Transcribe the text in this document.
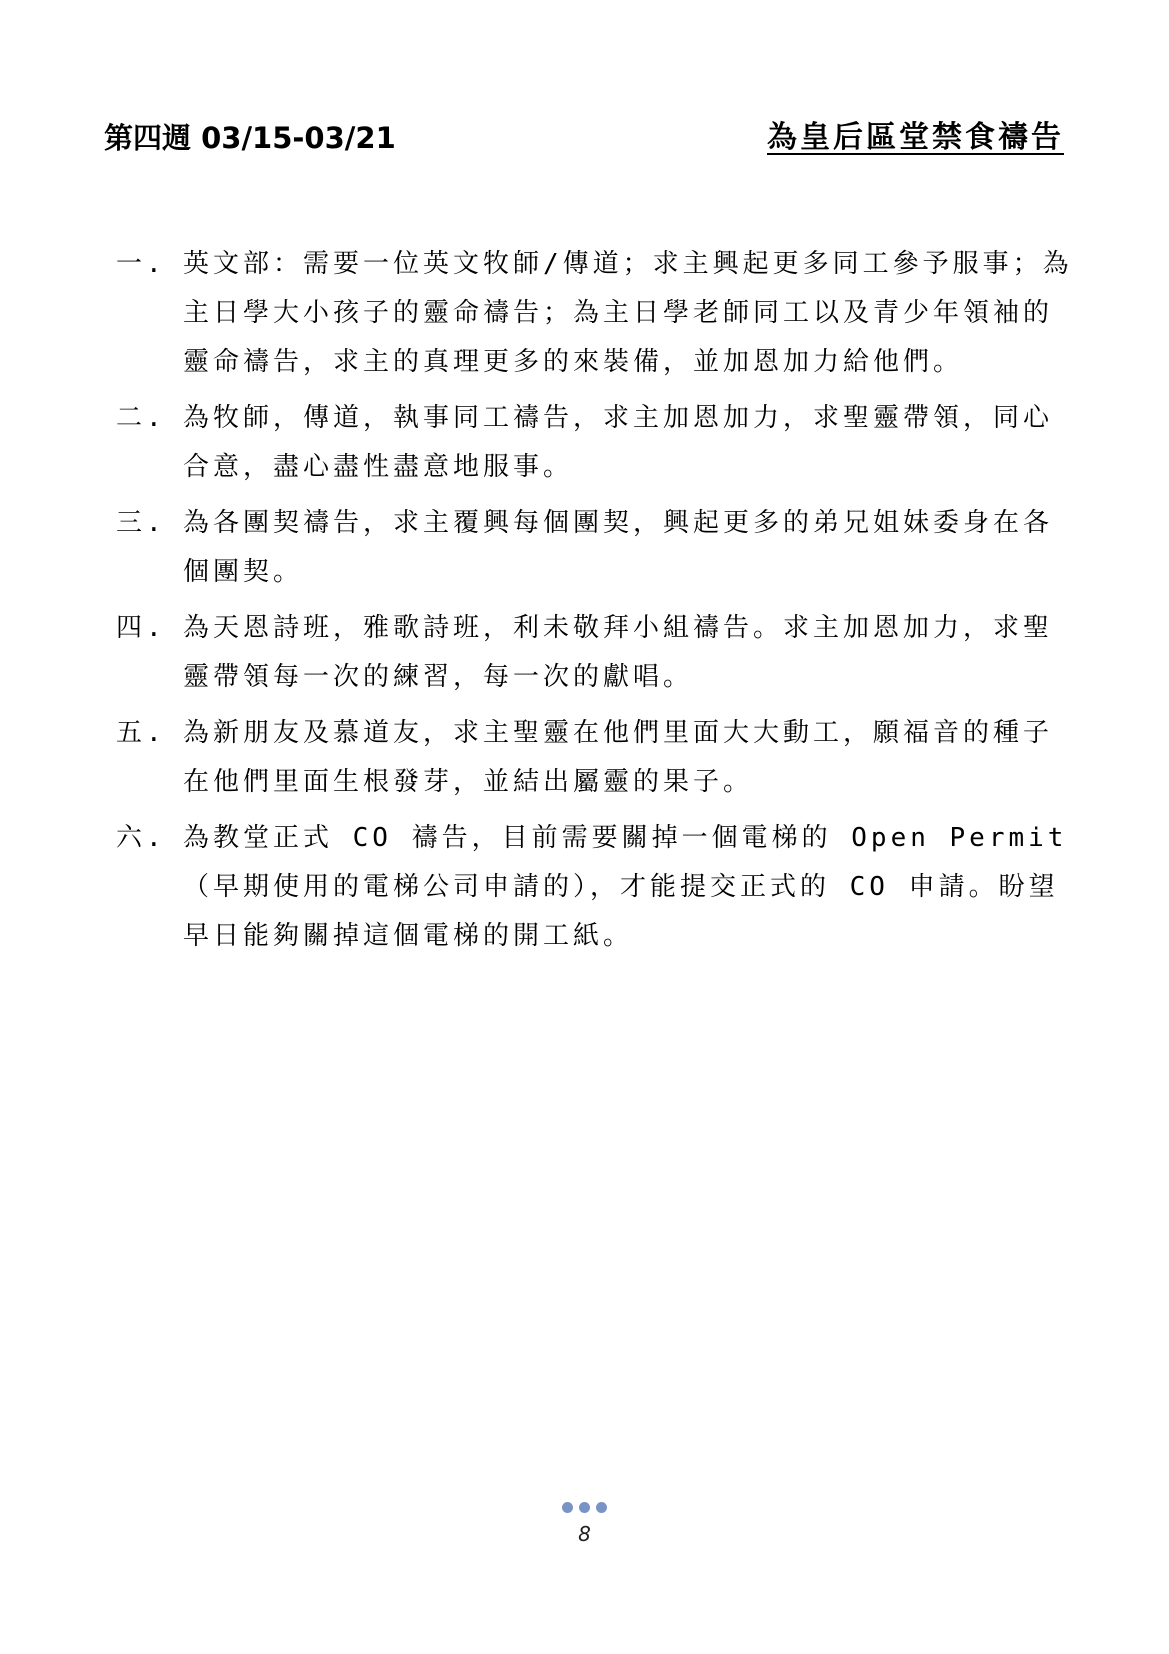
第四週 03/15-03/21	為皇后區堂禁食禱告
一. 英文部：需要一位英文牧師/傳道；求主興起更多同工參予服事；為主日學大小孩子的靈命禱告；為主日學老師同工以及青少年領袖的靈命禱告，求主的真理更多的來裝備，並加恩加力給他們。
二. 為牧師，傳道，執事同工禱告，求主加恩加力，求聖靈帶領，同心合意，盡心盡性盡意地服事。
三. 為各團契禱告，求主覆興每個團契，興起更多的弟兄姐妹委身在各個團契。
四. 為天恩詩班，雅歌詩班，利未敬拜小組禱告。求主加恩加力，求聖靈帶領每一次的練習，每一次的獻唱。
五. 為新朋友及慕道友，求主聖靈在他們里面大大動工，願福音的種子在他們里面生根發芽，並結出屬靈的果子。
六. 為教堂正式 CO 禱告，目前需要關掉一個電梯的 Open Permit （早期使用的電梯公司申請的），才能提交正式的 CO 申請。盼望早日能夠關掉這個電梯的開工紙。
8
